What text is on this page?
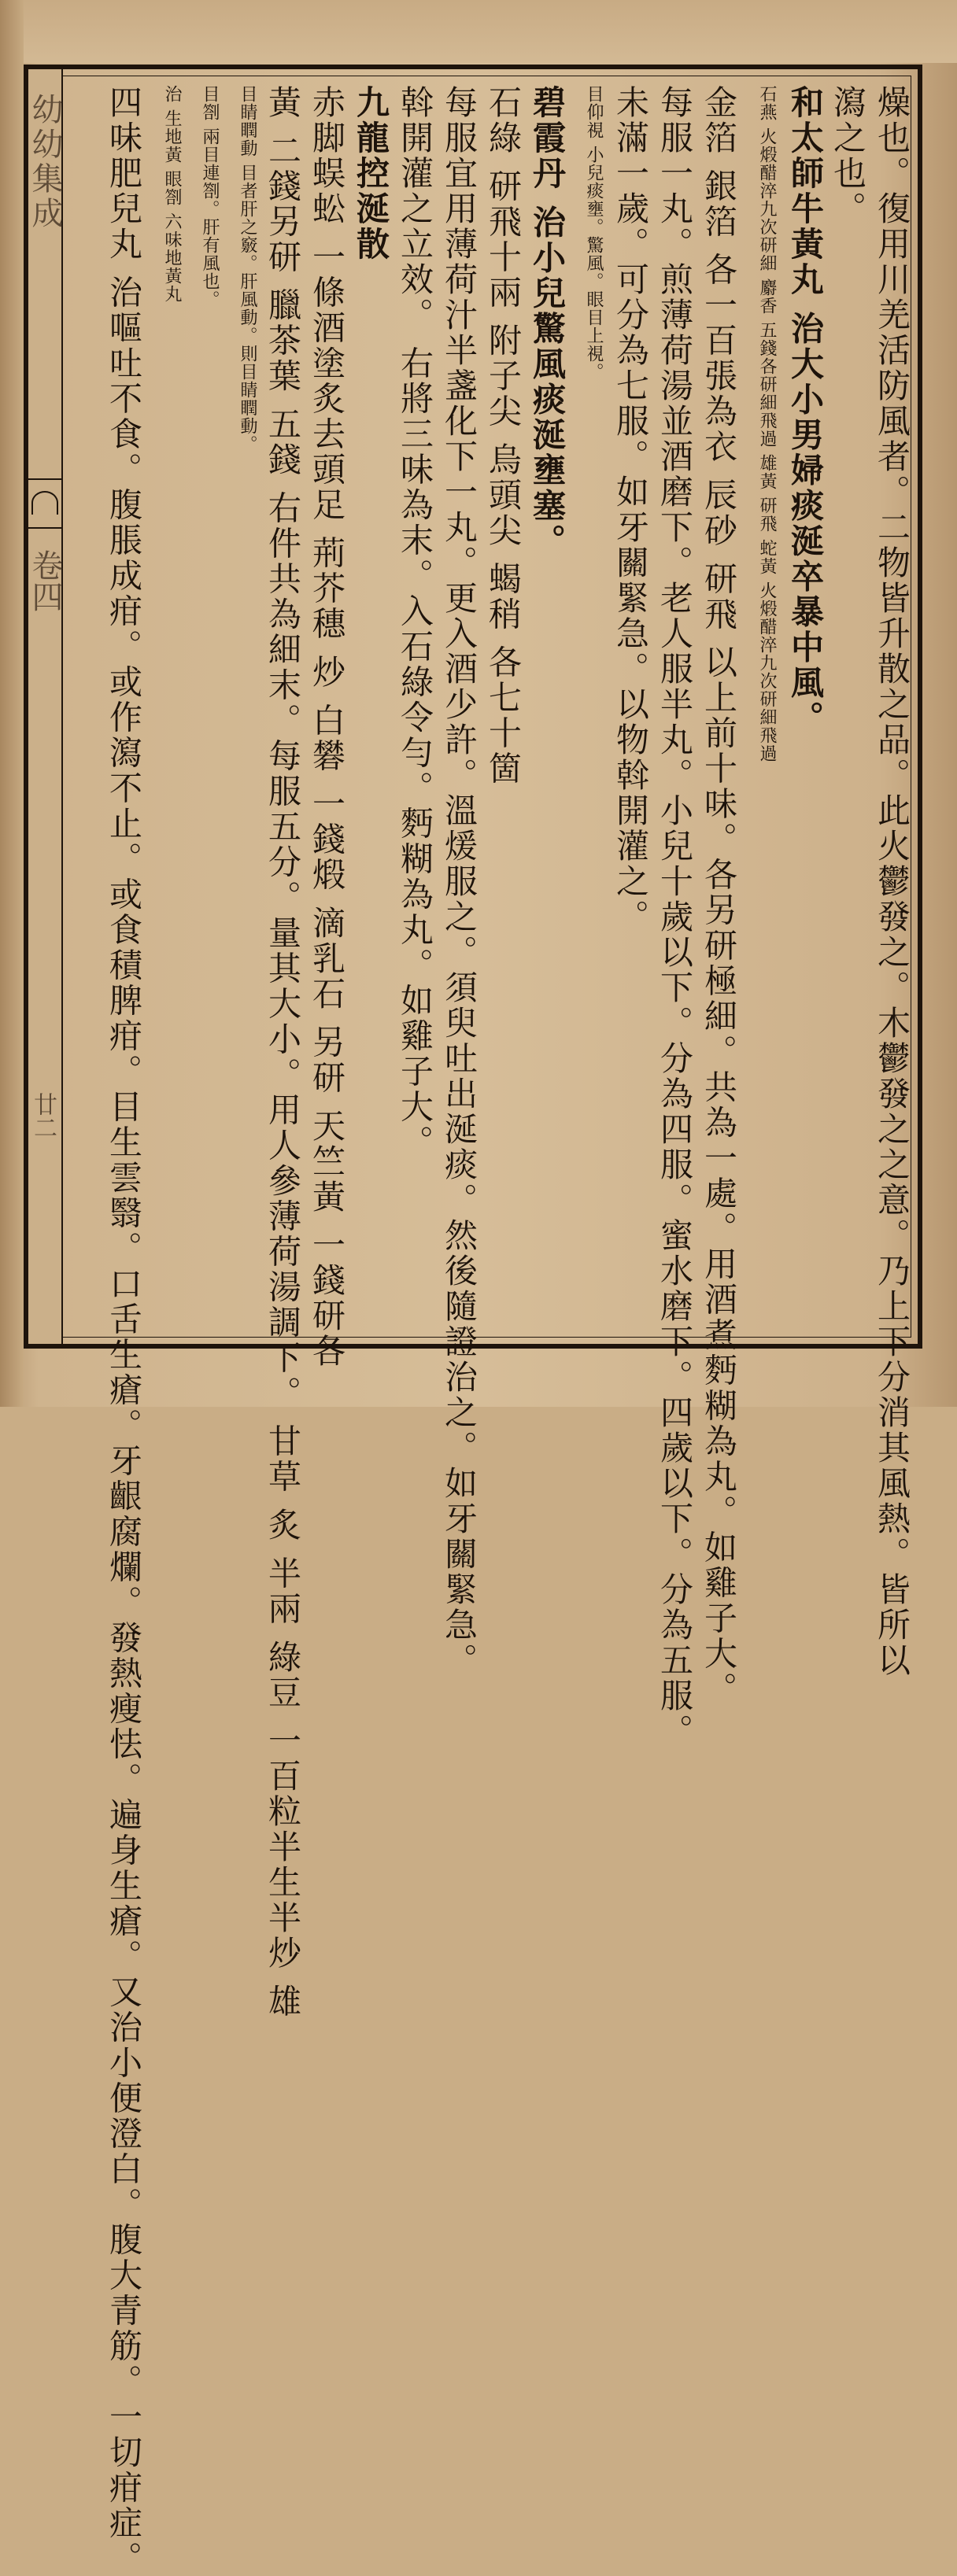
幼幼集成
卷四
廿二	燥也。復用川羌活防風者。二物皆升散之品。此火鬱發之。木鬱發之之意。乃上下分消其風熱。皆所以
瀉之也。
和太師牛黃丸 治大小男婦痰涎卒暴中風。
石燕 火煅醋淬九次研細 麝香 五錢各研細飛過 雄黃 研飛 蛇黃 火煅醋淬九次研細飛過
金箔 銀箔 各一百張為衣 辰砂 研飛 以上前十味。各另研極細。共為一處。用酒煮麪糊為丸。如雞子大。
每服一丸。煎薄荷湯並酒磨下。老人服半丸。小兒十歲以下。分為四服。蜜水磨下。四歲以下。分為五服。
未滿一歲。可分為七服。如牙關緊急。以物斡開灌之。
目仰視 小兒痰壅。驚風。眼目上視。
碧霞丹 治小兒驚風痰涎壅塞。
石綠 研飛十兩 附子尖 烏頭尖 蝎稍 各七十箇
每服宜用薄荷汁半盞化下一丸。更入酒少許。溫煖服之。須臾吐出涎痰。然後隨證治之。如牙關緊急。
斡開灌之立效。 右將三味為末。入石綠令勻。麪糊為丸。如雞子大。
九龍控涎散
赤脚蜈蚣 一條酒塗炙去頭足 荊芥穗 炒 白礬 一錢煅 滴乳石 另研 天竺黃 一錢研各
黃 二錢另研 臘茶葉 五錢 右件共為細末。每服五分。量其大小。用人參薄荷湯調下。 甘草 炙 半兩 綠豆 一百粒半生半炒 雄
目睛瞤動 目者肝之竅。肝風動。則目睛瞤動。
目劄 兩目連劄。肝有風也。
治 生地黃 眼劄 六味地黃丸
四味肥兒丸 治嘔吐不食。腹脹成疳。或作瀉不止。或食積脾疳。目生雲翳。口舌生瘡。牙齦腐爛。發熱瘦怯。遍身生瘡。又治小便澄白。腹大青筋。一切疳症。
